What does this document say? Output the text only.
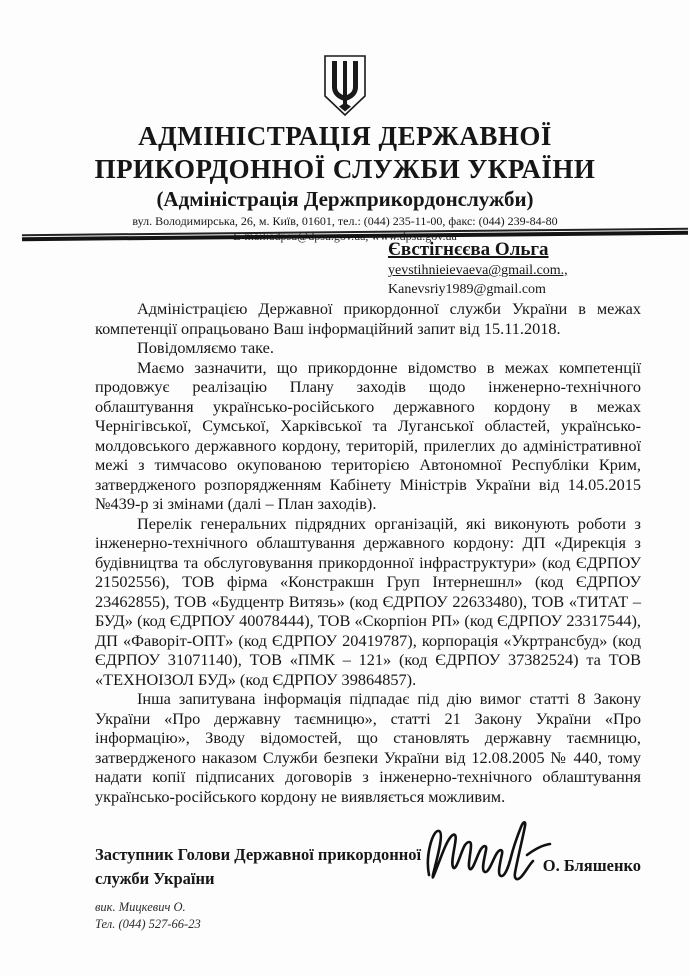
АДМІНІСТРАЦІЯ ДЕРЖАВНОЇ
ПРИКОРДОННОЇ СЛУЖБИ УКРАЇНИ
(Адміністрація Держприкордонслужби)
вул. Володимирська, 26, м. Київ, 01601, тел.: (044) 235-11-00, факс: (044) 239-84-80
Євстігнєєва Ольга
yevstihnieievaeva@gmail.com.,
Kanevsriy1989@gmail.com

Адміністрацією Державної прикордонної служби України в межах компетенції опрацьовано Ваш інформаційний запит від 15.11.2018.

Повідомляємо таке.

Маємо зазначити, що прикордонне відомство в межах компетенції продовжує реалізацію Плану заходів щодо інженерно-технічного облаштування українсько-російського державного кордону в межах Чернігівської, Сумської, Харківської та Луганської областей, українсько-молдовського державного кордону, територій, прилеглих до адміністративної межі з тимчасово окупованою територією Автономної Республіки Крим, затвердженого розпорядженням Кабінету Міністрів України від 14.05.2015 №439-р зі змінами (далі – План заходів).

Перелік генеральних підрядних організацій, які виконують роботи з інженерно-технічного облаштування державного кордону: ДП «Дирекція з будівництва та обслуговування прикордонної інфраструктури» (код ЄДРПОУ 21502556), ТОВ фірма «Констракшн Груп Інтернешнл» (код ЄДРПОУ 23462855), ТОВ «Будцентр Витязь» (код ЄДРПОУ 22633480), ТОВ «ТИТАТ – БУД» (код ЄДРПОУ 40078444), ТОВ «Скорпіон РП» (код ЄДРПОУ 23317544), ДП «Фаворіт-ОПТ» (код ЄДРПОУ 20419787), корпорація «Укртрансбуд» (код ЄДРПОУ 31071140), ТОВ «ПМК – 121» (код ЄДРПОУ 37382524) та ТОВ «ТЕХНОІЗОЛ БУД» (код ЄДРПОУ 39864857).

Інша запитувана інформація підпадає під дію вимог статті 8 Закону України «Про державну таємницю», статті 21 Закону України «Про інформацію», Зводу відомостей, що становлять державну таємницю, затвердженого наказом Служби безпеки України від 12.08.2005 № 440, тому надати копії підписаних договорів з інженерно-технічного облаштування українсько-російського кордону не виявляється можливим.

Заступник Голови Державної прикордонної служби України
О. Бляшенко
вик. Мицкевич О.
Тел. (044) 527-66-23
